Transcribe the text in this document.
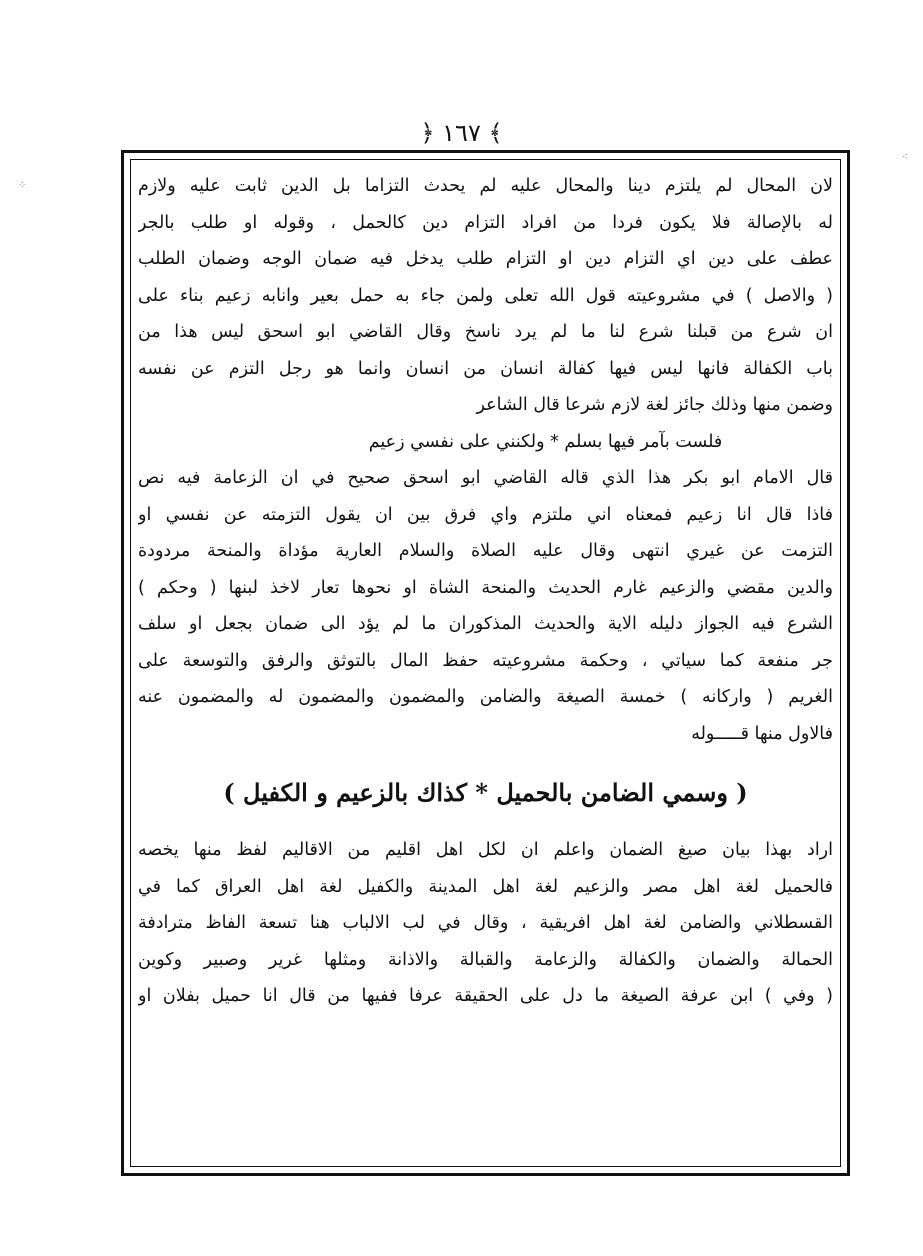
﴾ ١٦٧ ﴿
⁘
⁖
لان المحال لم يلتزم دينا والمحال عليه لم يحدث التزاما بل الدين ثابت عليه ولازم
له بالإصالة فلا يكون فردا من افراد التزام دين كالحمل ، وقوله او طلب بالجر
عطف على دين اي التزام دين او التزام طلب يدخل فيه ضمان الوجه وضمان الطلب
( والاصل ) في مشروعيته قول الله تعلى ولمن جاء به حمل بعير وانابه زعيم بناء على
ان شرع من قبلنا شرع لنا ما لم يرد ناسخ وقال القاضي ابو اسحق ليس هذا من
باب الكفالة فانها ليس فيها كفالة انسان من انسان وانما هو رجل التزم عن نفسه
وضمن منها وذلك جائز لغة لازم شرعا قال الشاعر
فلست بآمر فيها بسلم * ولكنني على نفسي زعيم
قال الامام ابو بكر هذا الذي قاله القاضي ابو اسحق صحيح في ان الزعامة فيه نص
فاذا قال انا زعيم فمعناه اني ملتزم واي فرق بين ان يقول التزمته عن نفسي او
التزمت عن غيري انتهى وقال عليه الصلاة والسلام العارية مؤداة والمنحة مردودة
والدين مقضي والزعيم غارم الحديث والمنحة الشاة او نحوها تعار لاخذ لبنها ( وحكم )
الشرع فيه الجواز دليله الاية والحديث المذكوران ما لم يؤد الى ضمان بجعل او سلف
جر منفعة كما سياتي ، وحكمة مشروعيته حفظ المال بالتوثق والرفق والتوسعة على
الغريم ( واركانه ) خمسة الصيغة والضامن والمضمون والمضمون له والمضمون عنه
فالاول منها قـــــوله
( وسمي الضامن بالحميل * كذاك بالزعيم و الكفيل )
اراد بهذا بيان صيغ الضمان واعلم ان لكل اهل اقليم من الاقاليم لفظ منها يخصه
فالحميل لغة اهل مصر والزعيم لغة اهل المدينة والكفيل لغة اهل العراق كما في
القسطلاني والضامن لغة اهل افريقية ، وقال في لب الالباب هنا تسعة الفاظ مترادفة
الحمالة والضمان والكفالة والزعامة والقبالة والاذانة ومثلها غرير وصبير وكوين
( وفي ) ابن عرفة الصيغة ما دل على الحقيقة عرفا ففيها من قال انا حميل بفلان او
